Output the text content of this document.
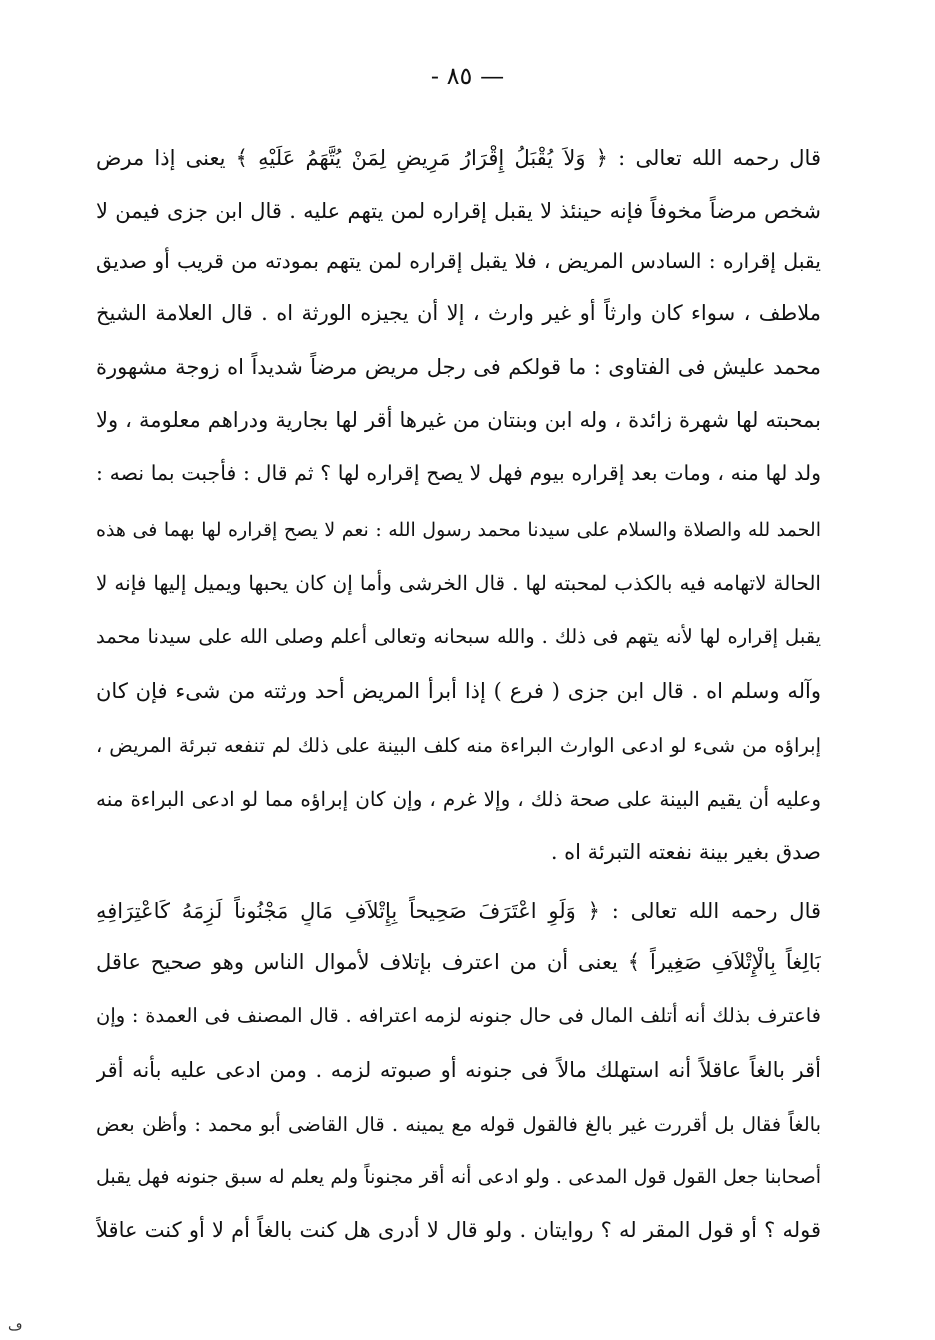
— ٨٥ -
قال رحمه الله تعالى : ﴿ وَلاَ يُقْبَلُ إِقْرَارُ مَرِيضٍ لِمَنْ يُتَّهَمُ عَلَيْهِ ﴾ يعنى إذا مرض
شخص مرضاً مخوفاً فإنه حينئذ لا يقبل إقراره لمن يتهم عليه . قال ابن جزى فيمن لا
يقبل إقراره : السادس المريض ، فلا يقبل إقراره لمن يتهم بمودته من قريب أو صديق
ملاطف ، سواء كان وارثاً أو غير وارث ، إلا أن يجيزه الورثة اه . قال العلامة الشيخ
محمد عليش فى الفتاوى : ما قولكم فى رجل مريض مرضاً شديداً اه زوجة مشهورة
بمحبته لها شهرة زائدة ، وله ابن وبنتان من غيرها أقر لها بجارية ودراهم معلومة ، ولا
ولد لها منه ، ومات بعد إقراره بيوم فهل لا يصح إقراره لها ؟ ثم قال : فأجبت بما نصه :
الحمد لله والصلاة والسلام على سيدنا محمد رسول الله : نعم لا يصح إقراره لها بهما فى هذه
الحالة لاتهامه فيه بالكذب لمحبته لها . قال الخرشى وأما إن كان يحبها ويميل إليها فإنه لا
يقبل إقراره لها لأنه يتهم فى ذلك . والله سبحانه وتعالى أعلم وصلى الله على سيدنا محمد
وآله وسلم اه . قال ابن جزى ( فرع ) إذا أبرأ المريض أحد ورثته من شىء فإن كان
إبراؤه من شىء لو ادعى الوارث البراءة منه كلف البينة على ذلك لم تنفعه تبرئة المريض ،
وعليه أن يقيم البينة على صحة ذلك ، وإلا غرم ، وإن كان إبراؤه مما لو ادعى البراءة منه
صدق بغير بينة نفعته التبرئة اه .
قال رحمه الله تعالى : ﴿ وَلَوِ اعْتَرَفَ صَحِيحاً بِإِتْلاَفِ مَالٍ مَجْنُوناً لَزِمَهُ كَاعْتِرَافِهِ
بَالِغاً بِالْإِتْلاَفِ صَغِيراً ﴾ يعنى أن من اعترف بإتلاف لأموال الناس وهو صحيح عاقل
فاعترف بذلك أنه أتلف المال فى حال جنونه لزمه اعترافه . قال المصنف فى العمدة : وإن
أقر بالغاً عاقلاً أنه استهلك مالاً فى جنونه أو صبوته لزمه . ومن ادعى عليه بأنه أقر
بالغاً فقال بل أقررت غير بالغ فالقول قوله مع يمينه . قال القاضى أبو محمد : وأظن بعض
أصحابنا جعل القول قول المدعى . ولو ادعى أنه أقر مجنوناً ولم يعلم له سبق جنونه فهل يقبل
قوله ؟ أو قول المقر له ؟ روايتان . ولو قال لا أدرى هل كنت بالغاً أم لا أو كنت عاقلاً
ڡ
